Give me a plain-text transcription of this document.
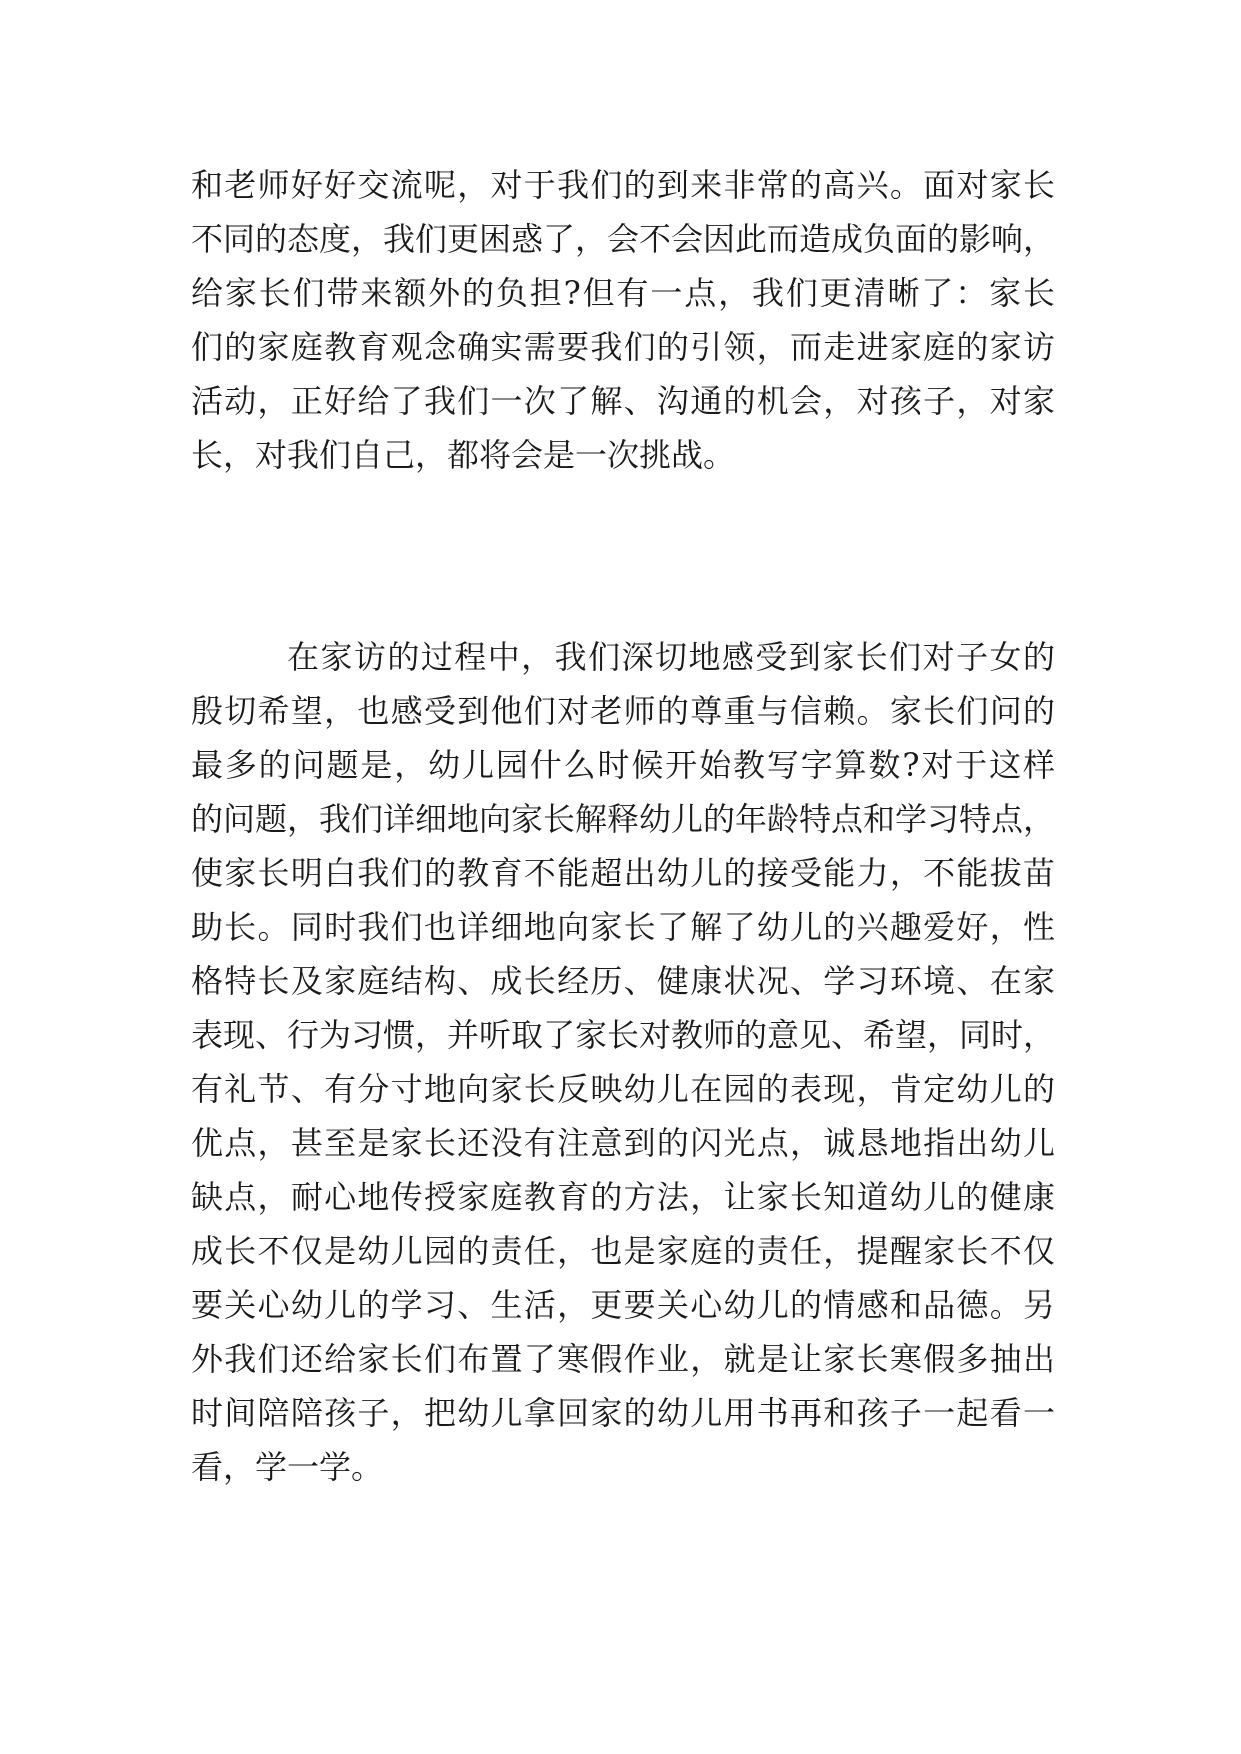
和老师好好交流呢，对于我们的到来非常的高兴。面对家长
不同的态度，我们更困惑了，会不会因此而造成负面的影响，
给家长们带来额外的负担?但有一点，我们更清晰了：家长
们的家庭教育观念确实需要我们的引领，而走进家庭的家访
活动，正好给了我们一次了解、沟通的机会，对孩子，对家
长，对我们自己，都将会是一次挑战。
在家访的过程中，我们深切地感受到家长们对子女的
殷切希望，也感受到他们对老师的尊重与信赖。家长们问的
最多的问题是，幼儿园什么时候开始教写字算数?对于这样
的问题，我们详细地向家长解释幼儿的年龄特点和学习特点，
使家长明白我们的教育不能超出幼儿的接受能力，不能拔苗
助长。同时我们也详细地向家长了解了幼儿的兴趣爱好，性
格特长及家庭结构、成长经历、健康状况、学习环境、在家
表现、行为习惯，并听取了家长对教师的意见、希望，同时，
有礼节、有分寸地向家长反映幼儿在园的表现，肯定幼儿的
优点，甚至是家长还没有注意到的闪光点，诚恳地指出幼儿
缺点，耐心地传授家庭教育的方法，让家长知道幼儿的健康
成长不仅是幼儿园的责任，也是家庭的责任，提醒家长不仅
要关心幼儿的学习、生活，更要关心幼儿的情感和品德。另
外我们还给家长们布置了寒假作业，就是让家长寒假多抽出
时间陪陪孩子，把幼儿拿回家的幼儿用书再和孩子一起看一
看，学一学。
